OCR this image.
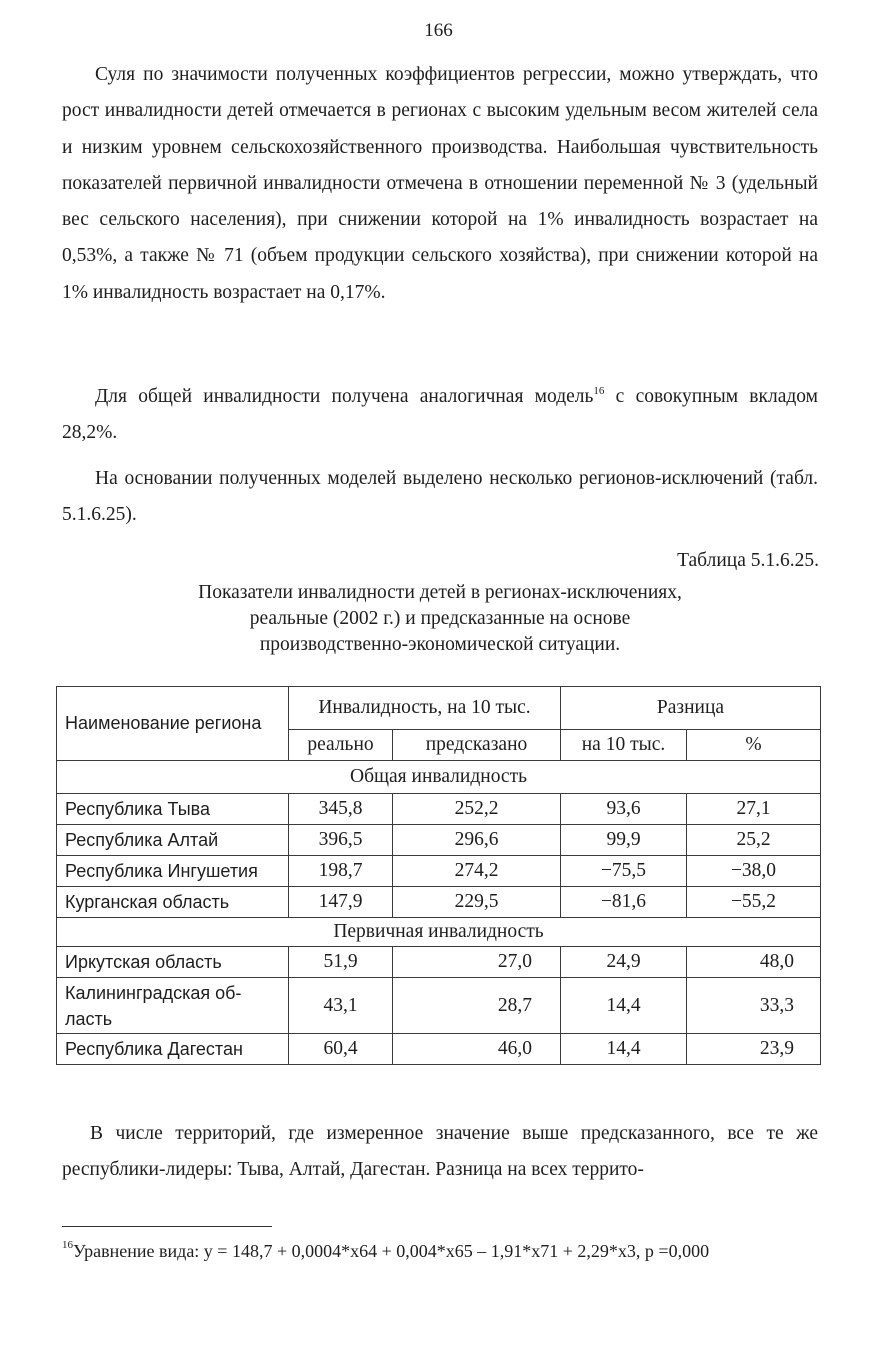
166

Суля по значимости полученных коэффициентов регрессии, можно утверждать, что рост инвалидности детей отмечается в регионах с высоким удельным весом жителей села и низким уровнем сельскохозяйственного производства. Наибольшая чувствительность показателей первичной инвалидности отмечена в отношении переменной № 3 (удельный вес сельского населения), при снижении которой на 1% инвалидность возрастает на 0,53%, а также № 71 (объем продукции сельского хозяйства), при снижении которой на 1% инвалидность возрастает на 0,17%.

Для общей инвалидности получена аналогичная модель$^{16}$ с совокупным вкладом 28,2%.

На основании полученных моделей выделено несколько регионов-исключений (табл. 5.1.6.25).

Таблица 5.1.6.25.
Показатели инвалидности детей в регионах-исключениях,
реальные (2002 г.) и предсказанные на основе
производственно-экономической ситуации.
Наименование региона	Инвалидность, на 10 тыс.		Разница	
	реально	предсказано	на 10 тыс.	%
Общая инвалидность				
Республика Тыва	345,8	252,2	93,6	27,1
Республика Алтай	396,5	296,6	99,9	25,2
Республика Ингушетия	198,7	274,2	−75,5	−38,0
Курганская область	147,9	229,5	−81,6	−55,2
Первичная инвалидность				
Иркутская область	51,9	27,0	24,9	48,0

Калининградская об-
ласть	43,1	28,7	14,4	33,3
Республика Дагестан	60,4	46,0	14,4	23,9

В числе территорий, где измеренное значение выше предсказанного, все те же республики-лидеры: Тыва, Алтай, Дагестан. Разница на всех террито-

$^{16}$Уравнение вида: y = 148,7 + 0,0004*x64 + 0,004*x65 – 1,91*x71 + 2,29*x3, p =0,000
